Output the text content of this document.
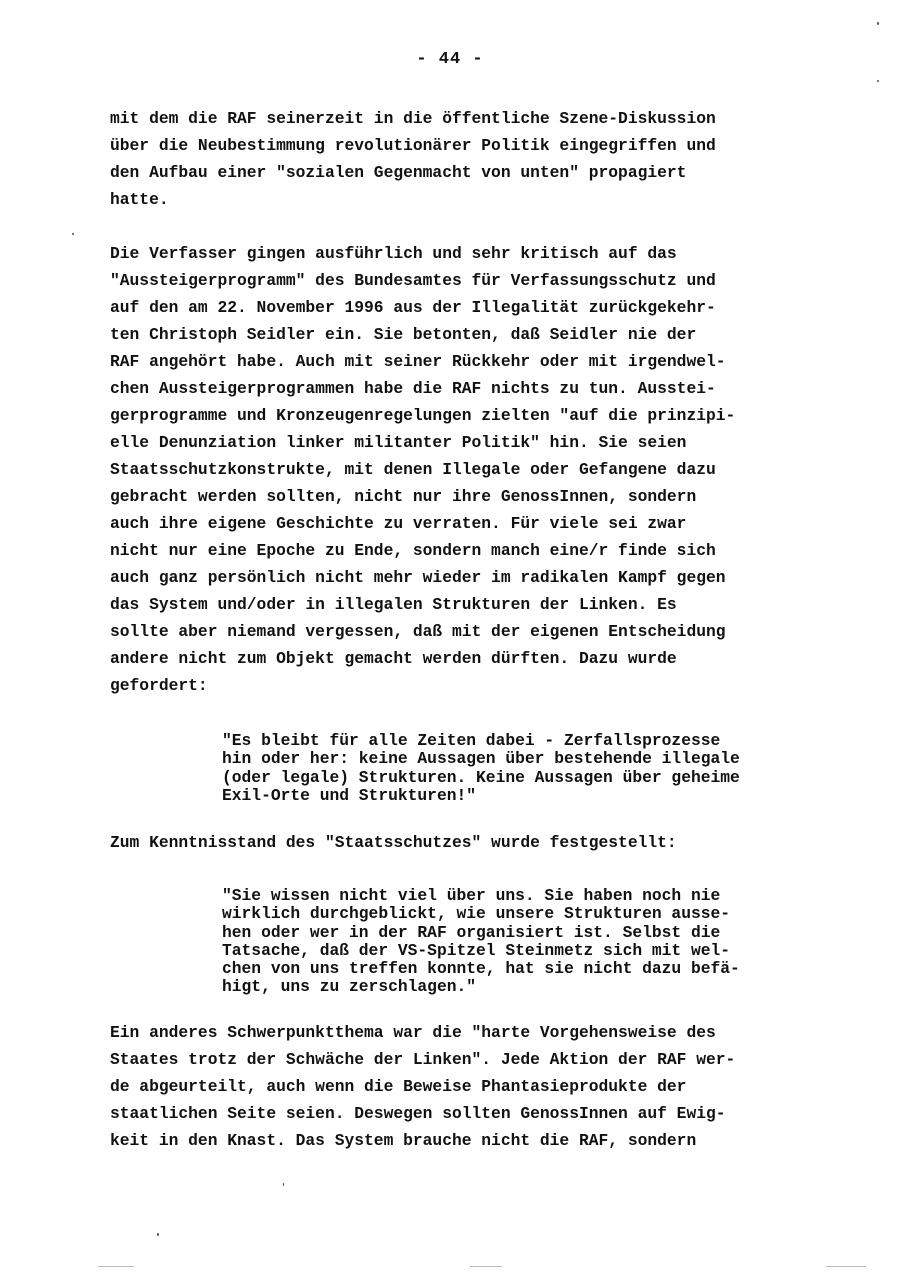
- 44 -
mit dem die RAF seinerzeit in die öffentliche Szene-Diskussion
über die Neubestimmung revolutionärer Politik eingegriffen und
den Aufbau einer "sozialen Gegenmacht von unten" propagiert
hatte.
Die Verfasser gingen ausführlich und sehr kritisch auf das
"Aussteigerprogramm" des Bundesamtes für Verfassungsschutz und
auf den am 22. November 1996 aus der Illegalität zurückgekehr-
ten Christoph Seidler ein. Sie betonten, daß Seidler nie der
RAF angehört habe. Auch mit seiner Rückkehr oder mit irgendwel-
chen Aussteigerprogrammen habe die RAF nichts zu tun. Ausstei-
gerprogramme und Kronzeugenregelungen zielten "auf die prinzipi-
elle Denunziation linker militanter Politik" hin. Sie seien
Staatsschutzkonstrukte, mit denen Illegale oder Gefangene dazu
gebracht werden sollten, nicht nur ihre GenossInnen, sondern
auch ihre eigene Geschichte zu verraten. Für viele sei zwar
nicht nur eine Epoche zu Ende, sondern manch eine/r finde sich
auch ganz persönlich nicht mehr wieder im radikalen Kampf gegen
das System und/oder in illegalen Strukturen der Linken. Es
sollte aber niemand vergessen, daß mit der eigenen Entscheidung
andere nicht zum Objekt gemacht werden dürften. Dazu wurde
gefordert:
"Es bleibt für alle Zeiten dabei - Zerfallsprozesse
hin oder her: keine Aussagen über bestehende illegale
(oder legale) Strukturen. Keine Aussagen über geheime
Exil-Orte und Strukturen!"
Zum Kenntnisstand des "Staatsschutzes" wurde festgestellt:
"Sie wissen nicht viel über uns. Sie haben noch nie
wirklich durchgeblickt, wie unsere Strukturen ausse-
hen oder wer in der RAF organisiert ist. Selbst die
Tatsache, daß der VS-Spitzel Steinmetz sich mit wel-
chen von uns treffen konnte, hat sie nicht dazu befä-
higt, uns zu zerschlagen."
Ein anderes Schwerpunktthema war die "harte Vorgehensweise des
Staates trotz der Schwäche der Linken". Jede Aktion der RAF wer-
de abgeurteilt, auch wenn die Beweise Phantasieprodukte der
staatlichen Seite seien. Deswegen sollten GenossInnen auf Ewig-
keit in den Knast. Das System brauche nicht die RAF, sondern
